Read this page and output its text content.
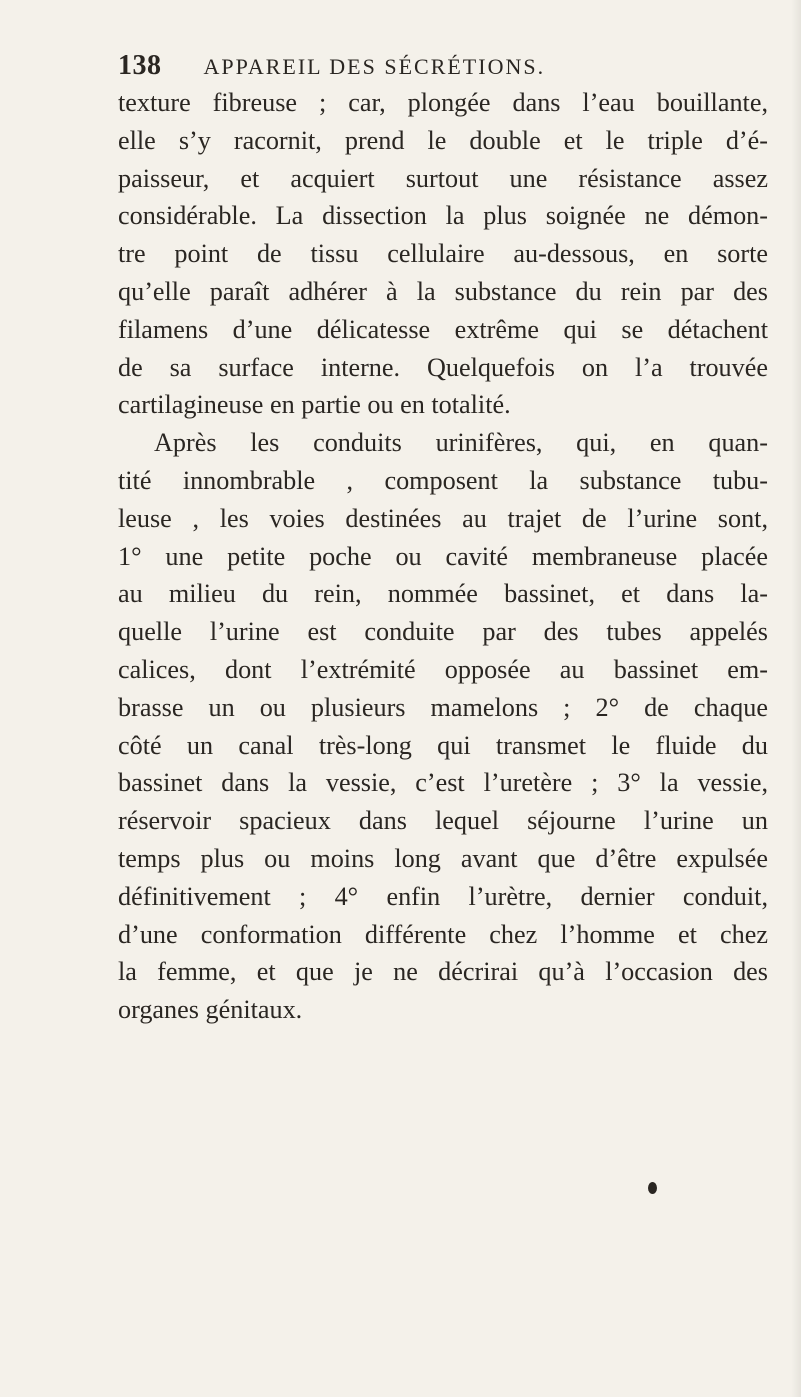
138 APPAREIL DES SÉCRÉTIONS.
texture fibreuse ; car, plongée dans l’eau bouillante,
elle s’y racornit, prend le double et le triple d’é-
paisseur, et acquiert surtout une résistance assez
considérable. La dissection la plus soignée ne démon-
tre point de tissu cellulaire au-dessous, en sorte
qu’elle paraît adhérer à la substance du rein par des
filamens d’une délicatesse extrême qui se détachent
de sa surface interne. Quelquefois on l’a trouvée
cartilagineuse en partie ou en totalité.
Après les conduits urinifères, qui, en quan-
tité innombrable , composent la substance tubu-
leuse , les voies destinées au trajet de l’urine sont,
1° une petite poche ou cavité membraneuse placée
au milieu du rein, nommée bassinet, et dans la-
quelle l’urine est conduite par des tubes appelés
calices, dont l’extrémité opposée au bassinet em-
brasse un ou plusieurs mamelons ; 2° de chaque
côté un canal très-long qui transmet le fluide du
bassinet dans la vessie, c’est l’uretère ; 3° la vessie,
réservoir spacieux dans lequel séjourne l’urine un
temps plus ou moins long avant que d’être expulsée
définitivement ; 4° enfin l’urètre, dernier conduit,
d’une conformation différente chez l’homme et chez
la femme, et que je ne décrirai qu’à l’occasion des
organes génitaux.
